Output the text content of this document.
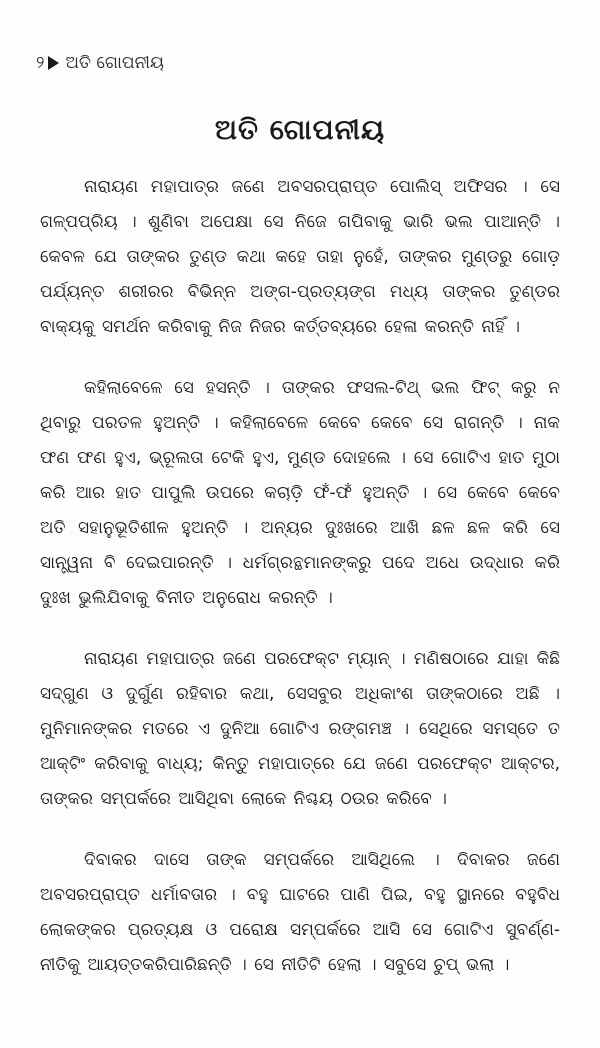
୨ ଅତି ଗୋପନୀୟ
ଅତି ଗୋପନୀୟ

ନାରାୟଣ ମହାପାତ୍ର ଜଣେ ଅବସରପ୍ରାପ୍ତ ପୋଲିସ୍ ଅଫିସର । ସେ ଗଳ୍ପପ୍ରିୟ । ଶୁଣିବା ଅପେକ୍ଷା ସେ ନିଜେ ଗପିବାକୁ ଭାରି ଭଲ ପାଆନ୍ତି । କେବଳ ଯେ ତାଙ୍କର ତୁଣ୍ଡ କଥା କହେ ତାହା ନୁହେଁ, ତାଙ୍କର ମୁଣ୍ଡରୁ ଗୋଡ଼ ପର୍ଯ୍ୟନ୍ତ ଶରୀରର ବିଭିନ୍ନ ଅଙ୍ଗ-ପ୍ରତ୍ୟଙ୍ଗ ମଧ୍ୟ ତାଙ୍କର ତୁଣ୍ଡର ବାକ୍ୟକୁ ସମର୍ଥନ କରିବାକୁ ନିଜ ନିଜର କର୍ତ୍ତବ୍ୟରେ ହେଳା କରନ୍ତି ନାହିଁ ।

କହିଲାବେଳେ ସେ ହସନ୍ତି । ତାଙ୍କର ଫସଲ-ଟିଥ୍ ଭଲ ଫିଟ୍ କରୁ ନ ଥିବାରୁ ପରତଳ ହୁଅନ୍ତି । କହିଲାବେଳେ କେବେ କେବେ ସେ ରାଗନ୍ତି । ନାକ ଫଣ ଫଣ ହୁଏ, ଭ୍ରୂଲତା ଟେକି ହୁଏ, ମୁଣ୍ଡ ଦୋହଲେ । ସେ ଗୋଟିଏ ହାତ ମୁଠା କରି ଆର ହାତ ପାପୁଲି ଉପରେ କଚାଡ଼ି ଫଁ-ଫଁ ହୁଅନ୍ତି । ସେ କେବେ କେବେ ଅତି ସହାନୁଭୂତିଶୀଳ ହୁଅନ୍ତି । ଅନ୍ୟର ଦୁଃଖରେ ଆଖି ଛଳ ଛଳ କରି ସେ ସାନ୍ତ୍ୱନା ବି ଦେଇପାରନ୍ତି । ଧର୍ମଗ୍ରନ୍ଥମାନଙ୍କରୁ ପଦେ ଅଧେ ଉଦ୍ଧାର କରି ଦୁଃଖ ଭୁଲିଯିବାକୁ ବିନୀତ ଅନୁରୋଧ କରନ୍ତି ।

ନାରାୟଣ ମହାପାତ୍ର ଜଣେ ପରଫେକ୍ଟ ମ୍ୟାନ୍ । ମଣିଷଠାରେ ଯାହା କିଛି ସଦ୍‌ଗୁଣ ଓ ଦୁର୍ଗୁଣ ରହିବାର କଥା, ସେସବୁର ଅଧିକାଂଶ ତାଙ୍କଠାରେ ଅଛି । ମୁନିମାନଙ୍କର ମତରେ ଏ ଦୁନିଆ ଗୋଟିଏ ରଙ୍ଗମଞ୍ଚ । ସେଥିରେ ସମସ୍ତେ ତ ଆକ୍ଟିଂ କରିବାକୁ ବାଧ୍ୟ; କିନ୍ତୁ ମହାପାତ୍ରେ ଯେ ଜଣେ ପରଫେକ୍ଟ ଆକ୍ଟର, ତାଙ୍କର ସମ୍ପର୍କରେ ଆସିଥିବା ଲୋକେ ନିଶ୍ଚୟ ଠଉର କରିବେ ।

ଦିବାକର ଦାସେ ତାଙ୍କ ସମ୍ପର୍କରେ ଆସିଥିଲେ । ଦିବାକର ଜଣେ ଅବସରପ୍ରାପ୍ତ ଧର୍ମାବତାର । ବହୁ ଘାଟରେ ପାଣି ପିଇ, ବହୁ ସ୍ଥାନରେ ବହୁବିଧ ଲୋକଙ୍କର ପ୍ରତ୍ୟକ୍ଷ ଓ ପରୋକ୍ଷ ସମ୍ପର୍କରେ ଆସି ସେ ଗୋଟିଏ ସୁବର୍ଣ୍ଣ-ନୀତିକୁ ଆୟତ୍ତକରିପାରିଛନ୍ତି । ସେ ନୀତିଟି ହେଲା । ସବୁସେ ଚୁପ୍ ଭଲା ।
